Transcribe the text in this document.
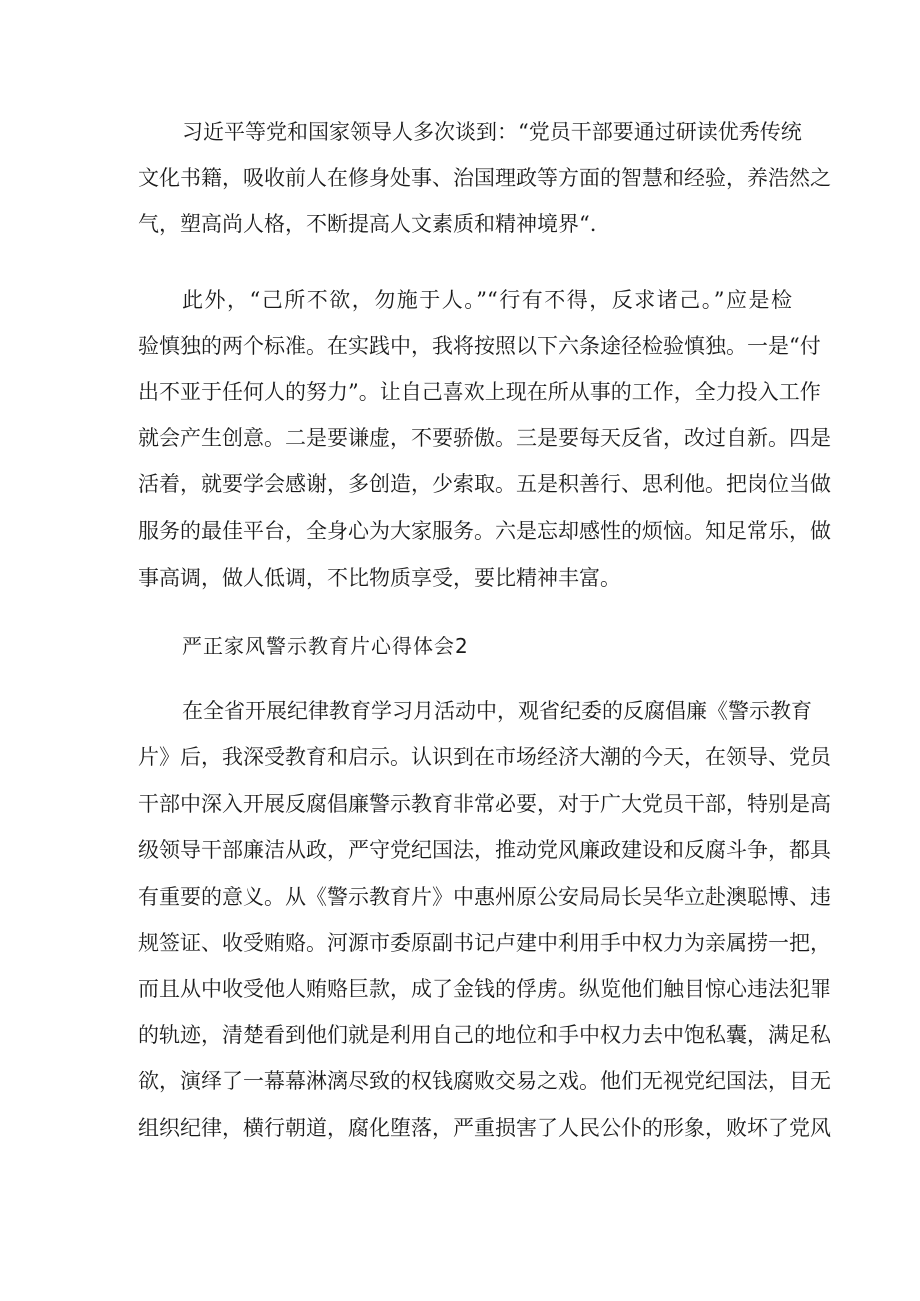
习近平等党和国家领导人多次谈到：“党员干部要通过研读优秀传统
文化书籍，吸收前人在修身处事、治国理政等方面的智慧和经验，养浩然之
气，塑高尚人格，不断提高人文素质和精神境界“.
此外，“己所不欲，勿施于人。”“行有不得，反求诸己。”应是检
验慎独的两个标准。在实践中，我将按照以下六条途径检验慎独。一是“付
出不亚于任何人的努力”。让自己喜欢上现在所从事的工作，全力投入工作
就会产生创意。二是要谦虚，不要骄傲。三是要每天反省，改过自新。四是
活着，就要学会感谢，多创造，少索取。五是积善行、思利他。把岗位当做
服务的最佳平台，全身心为大家服务。六是忘却感性的烦恼。知足常乐，做
事高调，做人低调，不比物质享受，要比精神丰富。
严正家风警示教育片心得体会2
在全省开展纪律教育学习月活动中，观省纪委的反腐倡廉《警示教育
片》后，我深受教育和启示。认识到在市场经济大潮的今天，在领导、党员
干部中深入开展反腐倡廉警示教育非常必要，对于广大党员干部，特别是高
级领导干部廉洁从政，严守党纪国法，推动党风廉政建设和反腐斗争，都具
有重要的意义。从《警示教育片》中惠州原公安局局长吴华立赴澳聪博、违
规签证、收受贿赂。河源市委原副书记卢建中利用手中权力为亲属捞一把，
而且从中收受他人贿赂巨款，成了金钱的俘虏。纵览他们触目惊心违法犯罪
的轨迹，清楚看到他们就是利用自己的地位和手中权力去中饱私囊，满足私
欲，演绎了一幕幕淋漓尽致的权钱腐败交易之戏。他们无视党纪国法，目无
组织纪律，横行朝道，腐化堕落，严重损害了人民公仆的形象，败坏了党风
